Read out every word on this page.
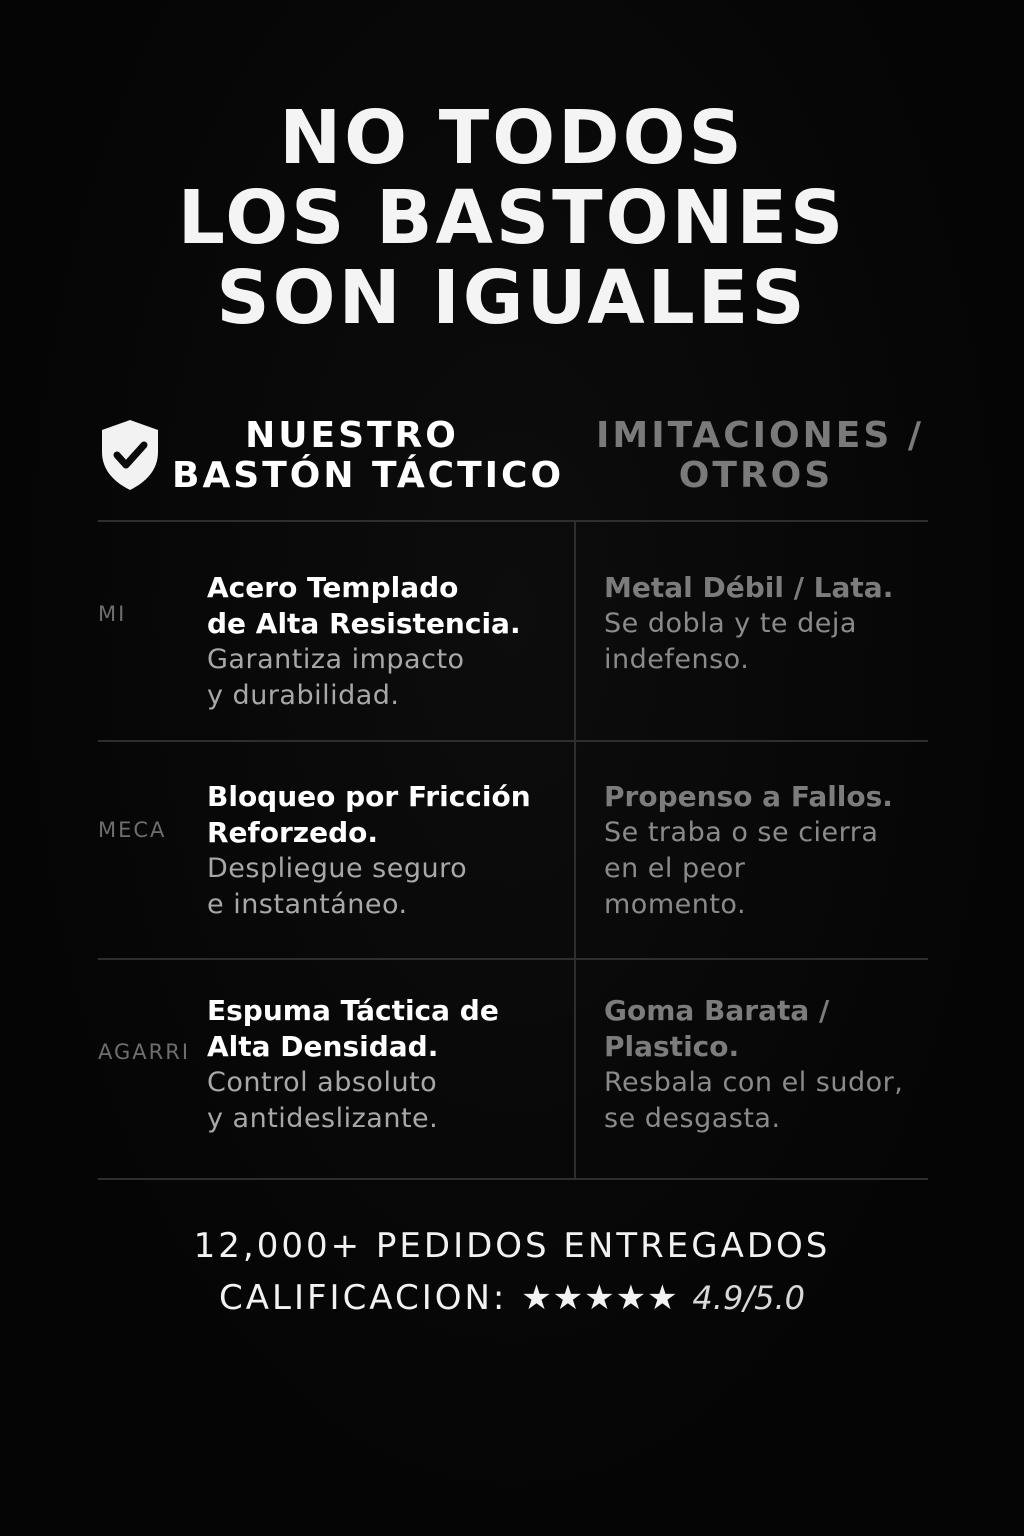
NO TODOS
LOS BASTONES
SON IGUALES
NUESTRO
BASTÓN TÁCTICO
IMITACIONES /
OTROS
MI
Acero Templado
de Alta Resistencia.
Garantiza impacto
y durabilidad.
Metal Débil / Lata.
Se dobla y te deja
indefenso.
MECA
Bloqueo por Fricción
Reforzedo.
Despliegue seguro
e instantáneo.
Propenso a Fallos.
Se traba o se cierra
en el peor
momento.
AGARRI
Espuma Táctica de
Alta Densidad.
Control absoluto
y antideslizante.
Goma Barata /
Plastico.
Resbala con el sudor,
se desgasta.
12,000+ PEDIDOS ENTREGADOS
CALIFICACION: ★★★★★ 4.9/5.0
